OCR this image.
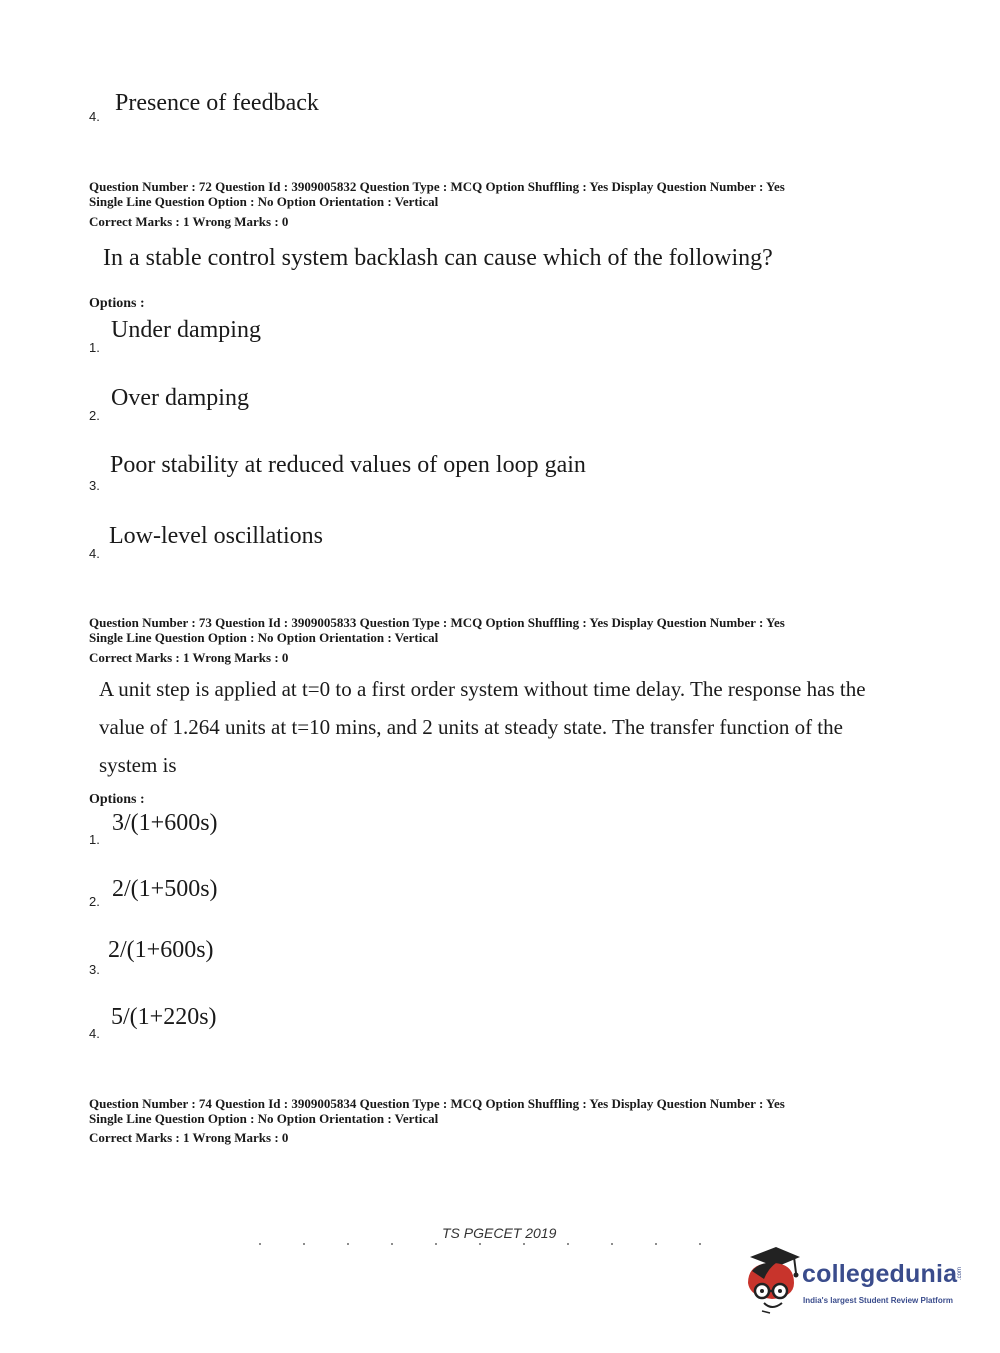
4.
Presence of feedback
Question Number : 72 Question Id : 3909005832 Question Type : MCQ Option Shuffling : Yes Display Question Number : Yes
Single Line Question Option : No Option Orientation : Vertical
Correct Marks : 1 Wrong Marks : 0
In a stable control system backlash can cause which of the following?
Options :
1.
Under damping
2.
Over damping
3.
Poor stability at reduced values of open loop gain
4.
Low-level oscillations
Question Number : 73 Question Id : 3909005833 Question Type : MCQ Option Shuffling : Yes Display Question Number : Yes
Single Line Question Option : No Option Orientation : Vertical
Correct Marks : 1 Wrong Marks : 0
A unit step is applied at t=0 to a first order system without time delay. The response has the value of 1.264 units at t=10 mins, and 2 units at steady state. The transfer function of the system is
Options :
1.
3/(1+600s)
2. 2/(1+500s)
3.
2/(1+600s)
4.
5/(1+220s)
Question Number : 74 Question Id : 3909005834 Question Type : MCQ Option Shuffling : Yes Display Question Number : Yes
Single Line Question Option : No Option Orientation : Vertical
Correct Marks : 1 Wrong Marks : 0
TS PGECET 2019
collegedunia .com
India's largest Student Review Platform
